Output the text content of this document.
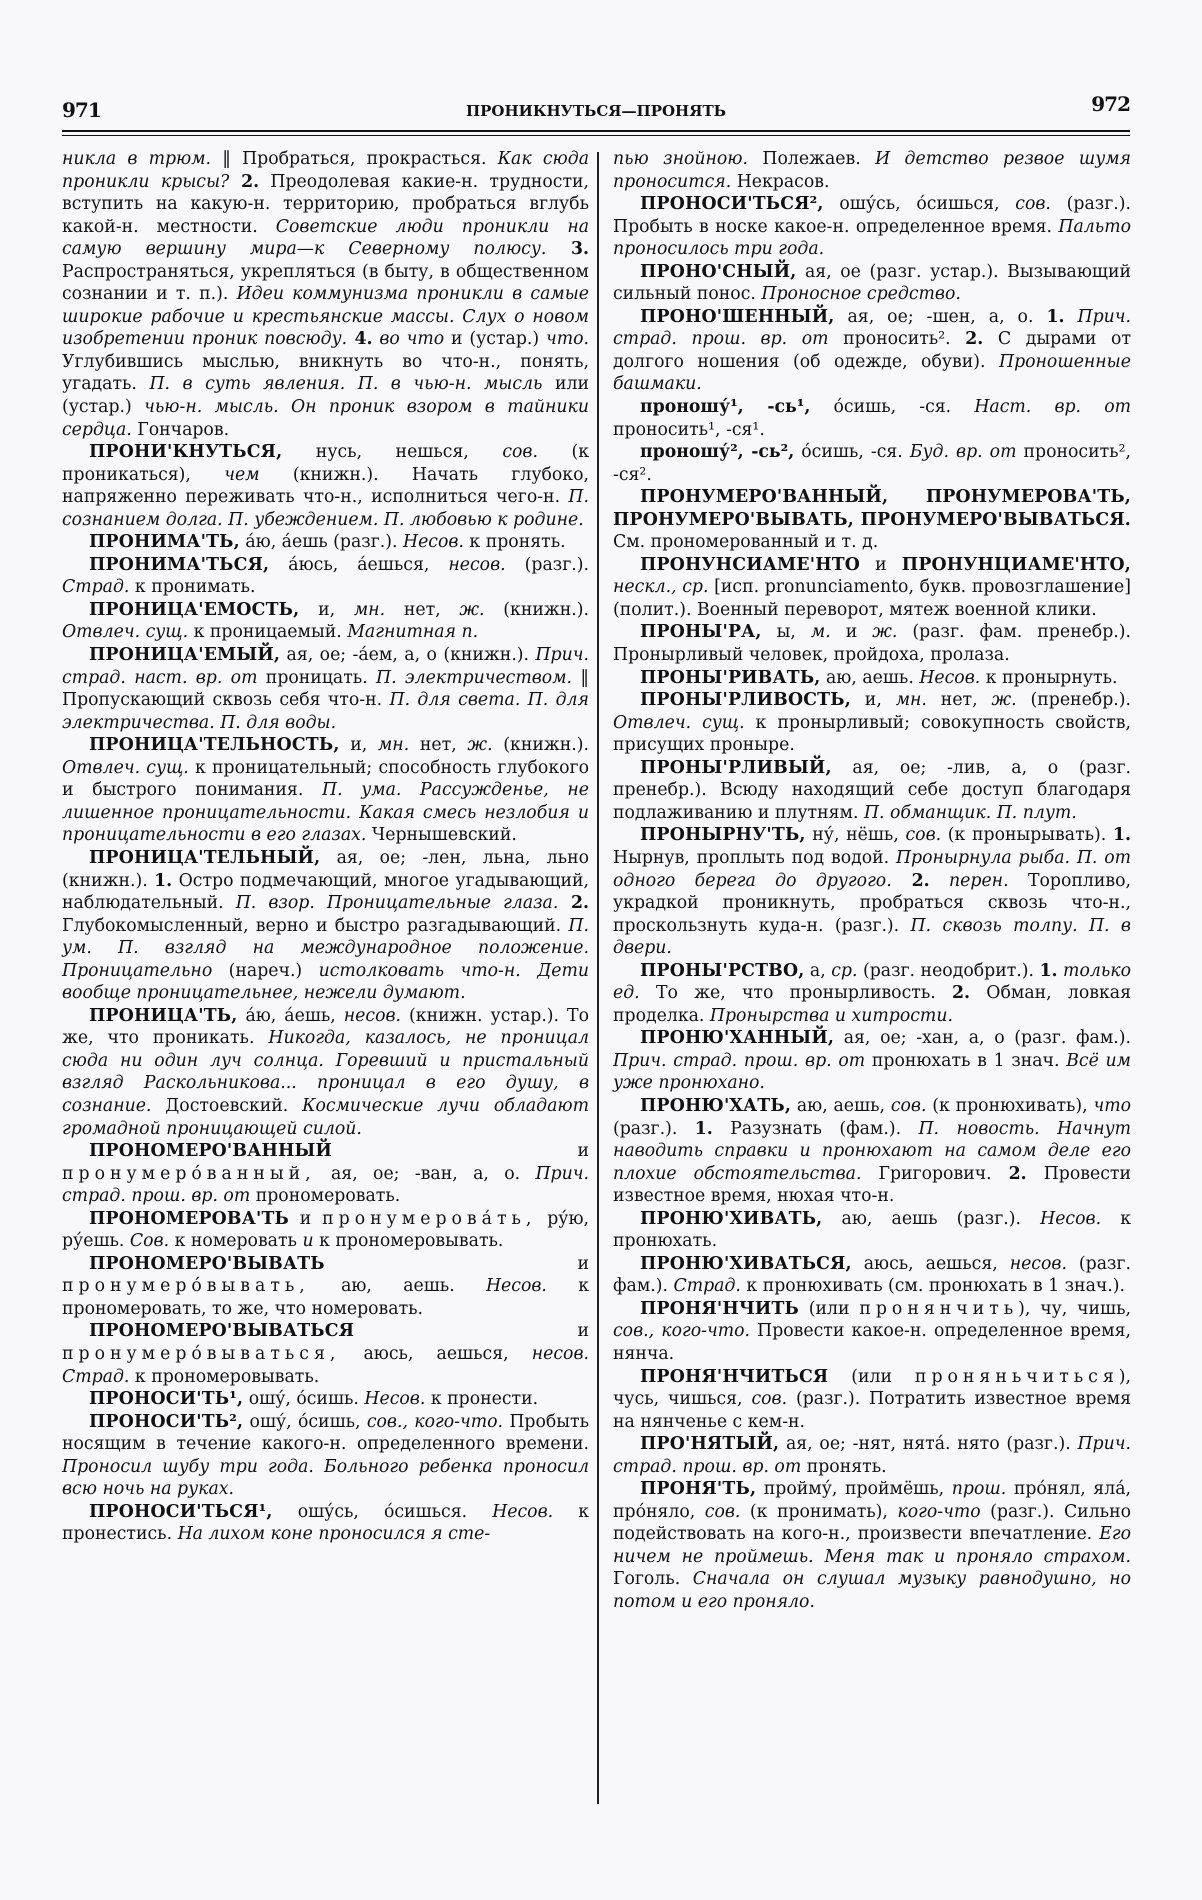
971	ПРОНИКНУТЬСЯ—ПРОНЯТЬ	972

никла в трюм. ‖ Пробраться, прокрасться. Как сюда проникли крысы? 2. Преодолевая какие-н. трудности, вступить на какую-н. территорию, пробраться вглубь какой-н. местности. Советские люди проникли на самую вершину мира—к Северному полюсу. 3. Распространяться, укрепляться (в быту, в общественном сознании и т. п.). Идеи коммунизма проникли в самые широкие рабочие и крестьянские массы. Слух о новом изобретении проник повсюду. 4. во что и (устар.) что. Углубившись мыслью, вникнуть во что-н., понять, угадать. П. в суть явления. П. в чью-н. мысль или (устар.) чью-н. мысль. Он проник взором в тайники сердца. Гончаров.

ПРОНИ'КНУТЬСЯ, нусь, нешься, сов. (к проникаться), чем (книжн.). Начать глубоко, напряженно переживать что-н., исполниться чего-н. П. сознанием долга. П. убеждением. П. любовью к родине.

ПРОНИМА'ТЬ, а́ю, а́ешь (разг.). Несов. к пронять.

ПРОНИМА'ТЬСЯ, а́юсь, а́ешься, несов. (разг.). Страд. к пронимать.

ПРОНИЦА'ЕМОСТЬ, и, мн. нет, ж. (книжн.). Отвлеч. сущ. к проницаемый. Магнитная п.

ПРОНИЦА'ЕМЫЙ, ая, ое; -а́ем, а, о (книжн.). Прич. страд. наст. вр. от проницать. П. электричеством. ‖ Пропускающий сквозь себя что-н. П. для света. П. для электричества. П. для воды.

ПРОНИЦА'ТЕЛЬНОСТЬ, и, мн. нет, ж. (книжн.). Отвлеч. сущ. к проницательный; способность глубокого и быстрого понимания. П. ума. Рассужденье, не лишенное проницательности. Какая смесь незлобия и проницательности в его глазах. Чернышевский.

ПРОНИЦА'ТЕЛЬНЫЙ, ая, ое; -лен, льна, льно (книжн.). 1. Остро подмечающий, многое угадывающий, наблюдательный. П. взор. Проницательные глаза. 2. Глубокомысленный, верно и быстро разгадывающий. П. ум. П. взгляд на международное положение. Проницательно (нареч.) истолковать что-н. Дети вообще проницательнее, нежели думают.

ПРОНИЦА'ТЬ, а́ю, а́ешь, несов. (книжн. устар.). То же, что проникать. Никогда, казалось, не проницал сюда ни один луч солнца. Горевший и пристальный взгляд Раскольникова... проницал в его душу, в сознание. Достоевский. Космические лучи обладают громадной проницающей силой.

ПРОНОМЕРО'ВАННЫЙ и пронумеро́ванный, ая, ое; -ван, а, о. Прич. страд. прош. вр. от прономеровать.

ПРОНОМЕРОВА'ТЬ и пронумерова́ть, ру́ю, ру́ешь. Сов. к номеровать и к прономеровывать.

ПРОНОМЕРО'ВЫВАТЬ и пронумеро́вывать, аю, аешь. Несов. к прономеровать, то же, что номеровать.

ПРОНОМЕРО'ВЫВАТЬСЯ и пронумеро́вываться, аюсь, аешься, несов. Страд. к прономеровывать.

ПРОНОСИ'ТЬ¹, ошу́, о́сишь. Несов. к пронести.

ПРОНОСИ'ТЬ², ошу́, о́сишь, сов., кого-что. Пробыть носящим в течение какого-н. определенного времени. Проносил шубу три года. Больного ребенка проносил всю ночь на руках.

ПРОНОСИ'ТЬСЯ¹, ошу́сь, о́сишься. Несов. к пронестись. На лихом коне проносился я сте-

пью знойною. Полежаев. И детство резвое шумя проносится. Некрасов.

ПРОНОСИ'ТЬСЯ², ошу́сь, о́сишься, сов. (разг.). Пробыть в носке какое-н. определенное время. Пальто проносилось три года.

ПРОНО'СНЫЙ, ая, ое (разг. устар.). Вызывающий сильный понос. Проносное средство.

ПРОНО'ШЕННЫЙ, ая, ое; -шен, а, о. 1. Прич. страд. прош. вр. от проносить². 2. С дырами от долгого ношения (об одежде, обуви). Проношенные башмаки.

проношу́¹, -сь¹, о́сишь, -ся. Наст. вр. от проносить¹, -ся¹.

проношу́², -сь², о́сишь, -ся. Буд. вр. от проносить², -ся².

ПРОНУМЕРО'ВАННЫЙ, ПРОНУМЕРОВА'ТЬ, ПРОНУМЕРО'ВЫВАТЬ, ПРОНУМЕРО'ВЫВАТЬСЯ. См. прономерованный и т. д.

ПРОНУНСИАМЕ'НТО и ПРОНУНЦИАМЕ'НТО, нескл., ср. [исп. pronunciamento, букв. провозглашение] (полит.). Военный переворот, мятеж военной клики.

ПРОНЫ'РА, ы, м. и ж. (разг. фам. пренебр.). Пронырливый человек, пройдоха, пролаза.

ПРОНЫ'РИВАТЬ, аю, аешь. Несов. к пронырнуть.

ПРОНЫ'РЛИВОСТЬ, и, мн. нет, ж. (пренебр.). Отвлеч. сущ. к пронырливый; совокупность свойств, присущих проныре.

ПРОНЫ'РЛИВЫЙ, ая, ое; -лив, а, о (разг. пренебр.). Всюду находящий себе доступ благодаря подлаживанию и плутням. П. обманщик. П. плут.

ПРОНЫРНУ'ТЬ, ну́, нёшь, сов. (к пронырывать). 1. Нырнув, проплыть под водой. Пронырнула рыба. П. от одного берега до другого. 2. перен. Торопливо, украдкой проникнуть, пробраться сквозь что-н., проскользнуть куда-н. (разг.). П. сквозь толпу. П. в двери.

ПРОНЫ'РСТВО, а, ср. (разг. неодобрит.). 1. только ед. То же, что пронырливость. 2. Обман, ловкая проделка. Пронырства и хитрости.

ПРОНЮ'ХАННЫЙ, ая, ое; -хан, а, о (разг. фам.). Прич. страд. прош. вр. от пронюхать в 1 знач. Всё им уже пронюхано.

ПРОНЮ'ХАТЬ, аю, аешь, сов. (к пронюхивать), что (разг.). 1. Разузнать (фам.). П. новость. Начнут наводить справки и пронюхают на самом деле его плохие обстоятельства. Григорович. 2. Провести известное время, нюхая что-н.

ПРОНЮ'ХИВАТЬ, аю, аешь (разг.). Несов. к пронюхать.

ПРОНЮ'ХИВАТЬСЯ, аюсь, аешься, несов. (разг. фам.). Страд. к пронюхивать (см. пронюхать в 1 знач.).

ПРОНЯ'НЧИТЬ (или пронянчить), чу, чишь, сов., кого-что. Провести какое-н. определенное время, нянча.

ПРОНЯ'НЧИТЬСЯ (или проняньчиться), чусь, чишься, сов. (разг.). Потратить известное время на нянченье с кем-н.

ПРО'НЯТЫЙ, ая, ое; -нят, нята́. нято (разг.). Прич. страд. прош. вр. от пронять.

ПРОНЯ'ТЬ, пройму́, проймёшь, прош. про́нял, яла́, про́няло, сов. (к пронимать), кого-что (разг.). Сильно подействовать на кого-н., произвести впечатление. Его ничем не проймешь. Меня так и проняло страхом. Гоголь. Сначала он слушал музыку равнодушно, но потом и его проняло.
